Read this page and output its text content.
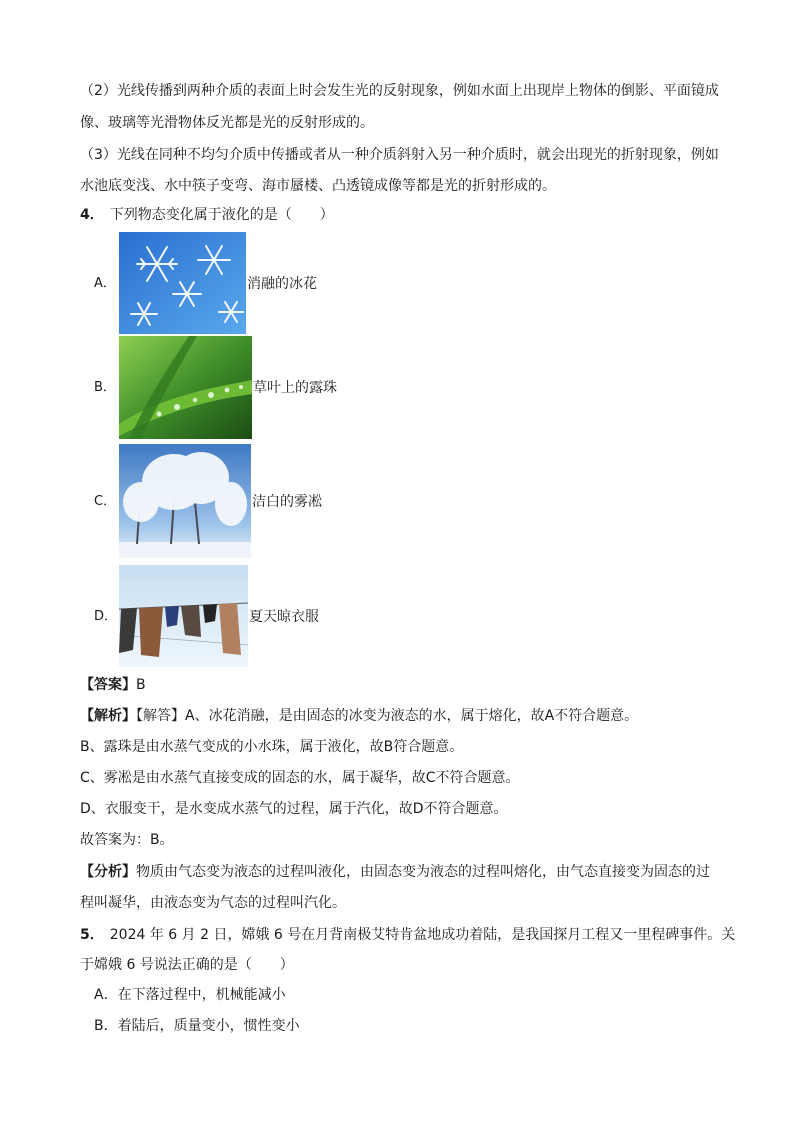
（2）光线传播到两种介质的表面上时会发生光的反射现象，例如水面上出现岸上物体的倒影、平面镜成
像、玻璃等光滑物体反光都是光的反射形成的。
（3）光线在同种不均匀介质中传播或者从一种介质斜射入另一种介质时，就会出现光的折射现象，例如
水池底变浅、水中筷子变弯、海市蜃楼、凸透镜成像等都是光的折射形成的。
4． 下列物态变化属于液化的是（　　）
A．	消融的冰花
B．	草叶上的露珠
C．	洁白的雾凇
D．	夏天晾衣服
【答案】B
【解析】【解答】A、冰花消融，是由固态的冰变为液态的水，属于熔化，故A不符合题意。
B、露珠是由水蒸气变成的小水珠，属于液化，故B符合题意。
C、雾凇是由水蒸气直接变成的固态的水，属于凝华，故C不符合题意。
D、衣服变干，是水变成水蒸气的过程，属于汽化，故D不符合题意。
故答案为：B。
【分析】物质由气态变为液态的过程叫液化，由固态变为液态的过程叫熔化，由气态直接变为固态的过
程叫凝华，由液态变为气态的过程叫汽化。
5． 2024 年 6 月 2 日，嫦娥 6 号在月背南极艾特肯盆地成功着陆，是我国探月工程又一里程碑事件。关
于嫦娥 6 号说法正确的是（　　）
A．在下落过程中，机械能减小
B．着陆后，质量变小，惯性变小
